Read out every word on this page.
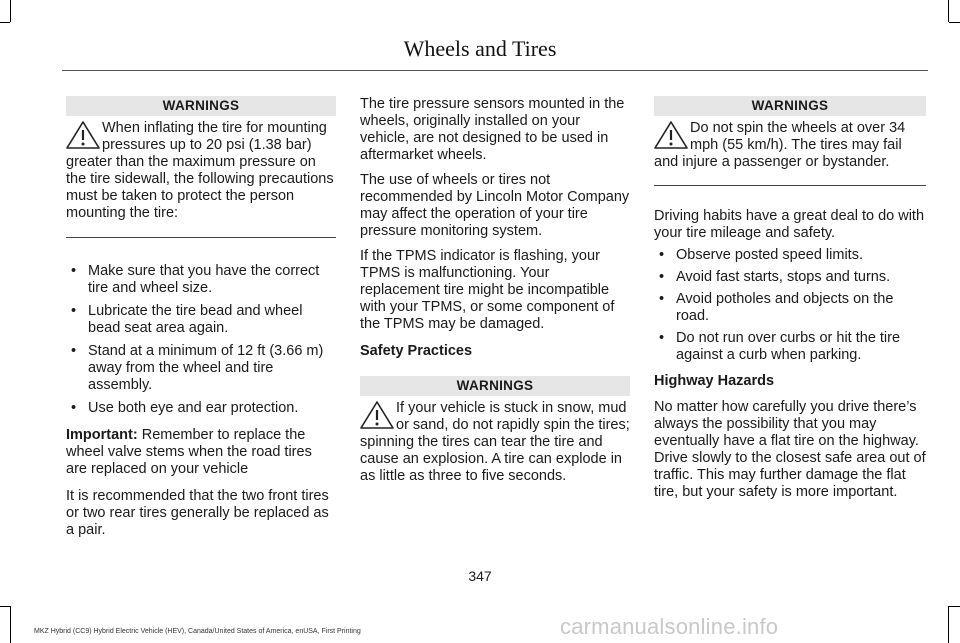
Wheels and Tires
WARNINGS
When inflating the tire for mounting pressures up to 20 psi (1.38 bar) greater than the maximum pressure on the tire sidewall, the following precautions must be taken to protect the person mounting the tire:
• Make sure that you have the correct tire and wheel size.
• Lubricate the tire bead and wheel bead seat area again.
• Stand at a minimum of 12 ft (3.66 m) away from the wheel and tire assembly.
• Use both eye and ear protection.

Important: Remember to replace the wheel valve stems when the road tires are replaced on your vehicle

It is recommended that the two front tires or two rear tires generally be replaced as a pair.

The tire pressure sensors mounted in the wheels, originally installed on your vehicle, are not designed to be used in aftermarket wheels.

The use of wheels or tires not recommended by Lincoln Motor Company may affect the operation of your tire pressure monitoring system.

If the TPMS indicator is flashing, your TPMS is malfunctioning. Your replacement tire might be incompatible with your TPMS, or some component of the TPMS may be damaged.

Safety Practices

WARNINGS
If your vehicle is stuck in snow, mud or sand, do not rapidly spin the tires; spinning the tires can tear the tire and cause an explosion. A tire can explode in as little as three to five seconds.
WARNINGS
Do not spin the wheels at over 34 mph (55 km/h). The tires may fail and injure a passenger or bystander.

Driving habits have a great deal to do with your tire mileage and safety.

• Observe posted speed limits.
• Avoid fast starts, stops and turns.
• Avoid potholes and objects on the road.
• Do not run over curbs or hit the tire against a curb when parking.

Highway Hazards

No matter how carefully you drive there’s always the possibility that you may eventually have a flat tire on the highway. Drive slowly to the closest safe area out of traffic. This may further damage the flat tire, but your safety is more important.

347
MKZ Hybrid (CC9) Hybrid Electric Vehicle (HEV), Canada/United States of America, enUSA, First Printing	carmanualsonline.info
